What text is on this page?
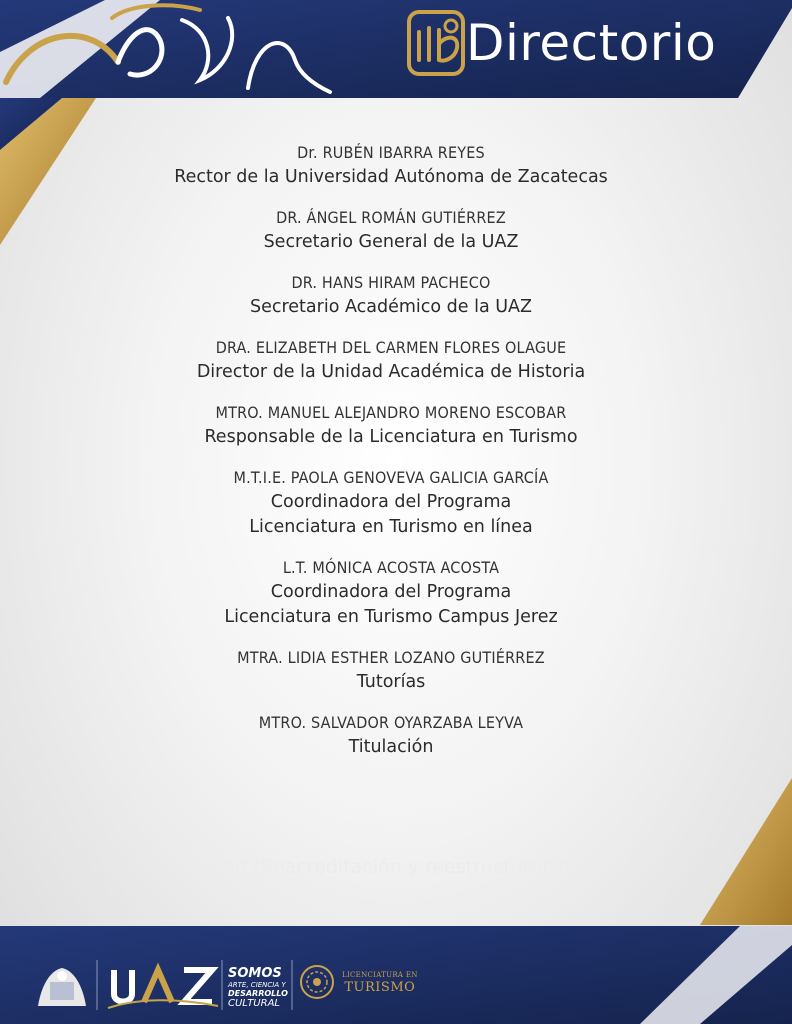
Directorio
Dr. RUBÉN IBARRA REYES
Rector de la Universidad Autónoma de Zacatecas
DR. ÁNGEL ROMÁN GUTIÉRREZ
Secretario General de la UAZ
DR. HANS HIRAM PACHECO
Secretario Académico de la UAZ
DRA. ELIZABETH DEL CARMEN FLORES OLAGUE
Director de la Unidad Académica de Historia
MTRO. MANUEL ALEJANDRO MORENO ESCOBAR
Responsable de la Licenciatura en Turismo
M.T.I.E. PAOLA GENOVEVA GALICIA GARCÍA
Coordinadora del Programa
Licenciatura en Turismo en línea
L.T. MÓNICA ACOSTA ACOSTA
Coordinadora del Programa
Licenciatura en Turismo Campus Jerez
MTRA. LIDIA ESTHER LOZANO GUTIÉRREZ
Tutorías
MTRO. SALVADOR OYARZABA LEYVA
Titulación
lidad (Reacreditación y reestructuración)
SOMOS
ARTE, CIENCIA Y
DESARROLLO
CULTURAL
LICENCIATURA EN
TURISMO
